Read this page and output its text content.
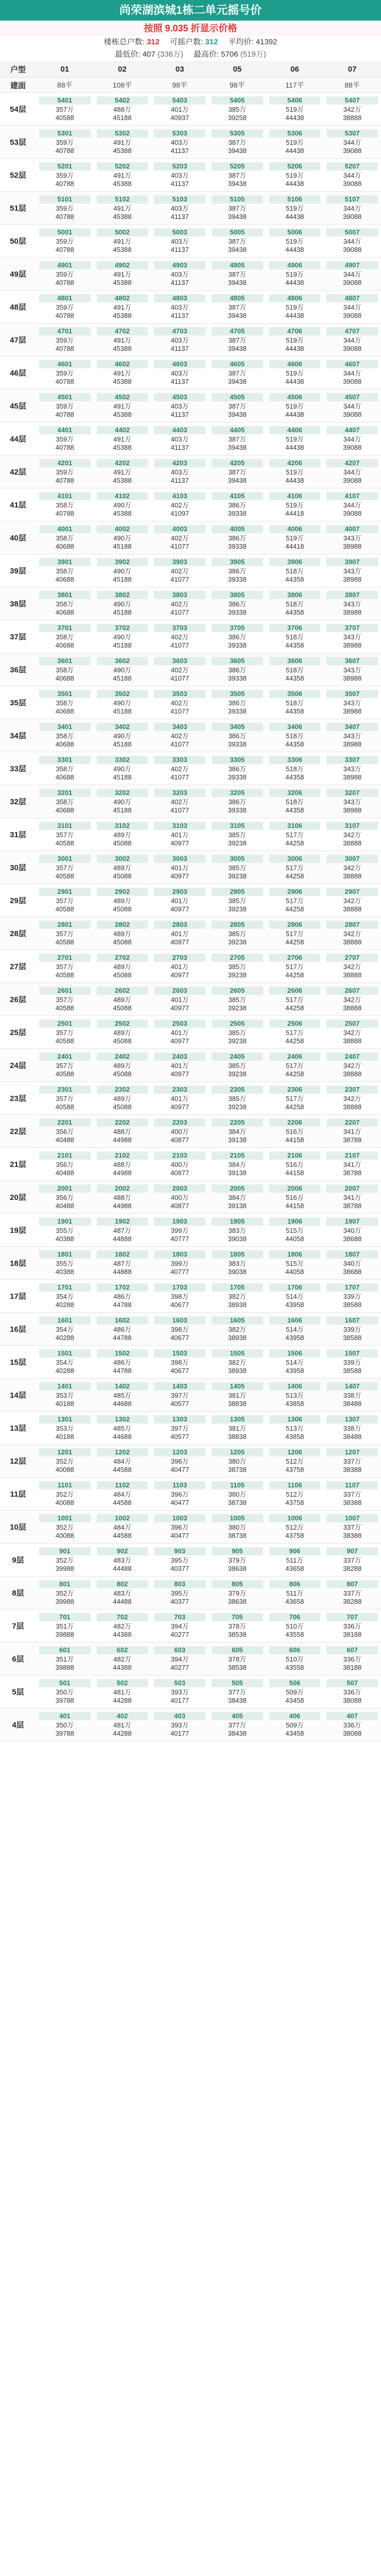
尚荣湖滨城1栋二单元摇号价
按照 9.035 折显示价格
楼栋总户数: 312 可摇户数: 312 平均价: 41392
最低价: 407 (336万) 最高价: 5706 (519万)
户型	01	02	03	05	06	07
建面	88平	108平	98平	98平	117平	88平
54层	5401
357万
40588	5402
488万
45188	5403
401万
40937	5405
385万
39258	5406
519万
44438	5407
342万
38888

53层	5301
359万
40788	5302
491万
45388	5303
403万
41137	5305
387万
39438	5306
519万
44438	5307
344万
39088

52层	5201
359万
40788	5202
491万
45388	5203
403万
41137	5205
387万
39438	5206
519万
44438	5207
344万
39088

51层	5101
359万
40788	5102
491万
45388	5103
403万
41137	5105
387万
39438	5106
519万
44438	5107
344万
39088

50层	5001
359万
40788	5002
491万
45388	5003
403万
41137	5005
387万
39438	5006
519万
44438	5007
344万
39088

49层	4901
359万
40788	4902
491万
45388	4903
403万
41137	4905
387万
39438	4906
519万
44438	4907
344万
39088

48层	4801
359万
40788	4802
491万
45388	4803
403万
41137	4805
387万
39438	4806
519万
44438	4807
344万
39088

47层	4701
359万
40788	4702
491万
45388	4703
403万
41137	4705
387万
39438	4706
519万
44438	4707
344万
39088

46层	4601
359万
40788	4602
491万
45388	4603
403万
41137	4605
387万
39438	4606
519万
44438	4607
344万
39088

45层	4501
359万
40788	4502
491万
45388	4503
403万
41137	4505
387万
39438	4506
519万
44438	4507
344万
39088

44层	4401
359万
40788	4402
491万
45388	4403
403万
41137	4405
387万
39438	4406
519万
44438	4407
344万
39088

42层	4201
359万
40788	4202
491万
45388	4203
403万
41137	4205
387万
39438	4206
519万
44438	4207
344万
39088

41层	4101
358万
40788	4102
490万
45388	4103
402万
41097	4105
386万
39338	4106
519万
44418	4107
344万
39088

40层	4001
358万
40688	4002
490万
45188	4003
402万
41077	4005
386万
39338	4006
519万
44418	4007
343万
38988

39层	3901
358万
40688	3902
490万
45188	3903
402万
41077	3905
386万
39338	3906
518万
44358	3907
343万
38988

38层	3801
358万
40688	3802
490万
45188	3803
402万
41077	3805
386万
39338	3806
518万
44358	3807
343万
38988

37层	3701
358万
40688	3702
490万
45188	3703
402万
41077	3705
386万
39338	3706
518万
44358	3707
343万
38988

36层	3601
358万
40688	3602
490万
45188	3603
402万
41077	3605
386万
39338	3606
518万
44358	3607
343万
38988

35层	3501
358万
40688	3502
490万
45188	3503
402万
41077	3505
386万
39338	3506
518万
44358	3507
343万
38988

34层	3401
358万
40688	3402
490万
45188	3403
402万
41077	3405
386万
39338	3406
518万
44358	3407
343万
38988

33层	3301
358万
40688	3302
490万
45188	3303
402万
41077	3305
386万
39338	3306
518万
44358	3307
343万
38988

32层	3201
358万
40688	3202
490万
45188	3203
402万
41077	3205
386万
39338	3206
518万
44358	3207
343万
38988

31层	3101
357万
40588	3102
489万
45088	3103
401万
40977	3105
385万
39238	3106
517万
44258	3107
342万
38888

30层	3001
357万
40588	3002
489万
45088	3003
401万
40977	3005
385万
39238	3006
517万
44258	3007
342万
38888

29层	2901
357万
40588	2902
489万
45088	2903
401万
40977	2905
385万
39238	2906
517万
44258	2907
342万
38888

28层	2801
357万
40588	2802
489万
45088	2803
401万
40977	2805
385万
39238	2806
517万
44258	2807
342万
38888

27层	2701
357万
40588	2702
489万
45088	2703
401万
40977	2705
385万
39238	2706
517万
44258	2707
342万
38888

26层	2601
357万
40588	2602
489万
45088	2603
401万
40977	2605
385万
39238	2606
517万
44258	2607
342万
38888

25层	2501
357万
40588	2502
489万
45088	2503
401万
40977	2505
385万
39238	2506
517万
44258	2507
342万
38888

24层	2401
357万
40588	2402
489万
45088	2403
401万
40977	2405
385万
39238	2406
517万
44258	2407
342万
38888

23层	2301
357万
40588	2302
489万
45088	2303
401万
40977	2305
385万
39238	2306
517万
44258	2307
342万
38888

22层	2201
356万
40488	2202
488万
44988	2203
400万
40877	2205
384万
39138	2206
516万
44158	2207
341万
38788

21层	2101
356万
40488	2102
488万
44988	2103
400万
40877	2105
384万
39138	2106
516万
44158	2107
341万
38788

20层	2001
356万
40488	2002
488万
44988	2003
400万
40877	2005
384万
39138	2006
516万
44158	2007
341万
38788

19层	1901
355万
40388	1902
487万
44888	1903
399万
40777	1905
383万
39038	1906
515万
44058	1907
340万
38688

18层	1801
355万
40388	1802
487万
44888	1803
399万
40777	1805
383万
39038	1806
515万
44058	1807
340万
38688

17层	1701
354万
40288	1702
486万
44788	1703
398万
40677	1705
382万
38938	1706
514万
43958	1707
339万
38588

16层	1601
354万
40288	1602
486万
44788	1603
398万
40677	1605
382万
38938	1606
514万
43958	1607
339万
38588

15层	1501
354万
40288	1502
486万
44788	1503
398万
40677	1505
382万
38938	1506
514万
43958	1507
339万
38588

14层	1401
353万
40188	1402
485万
44688	1403
397万
40577	1405
381万
38838	1406
513万
43858	1407
338万
38488

13层	1301
353万
40188	1302
485万
44688	1303
397万
40577	1305
381万
38838	1306
513万
43858	1307
338万
38488

12层	1201
352万
40088	1202
484万
44588	1203
396万
40477	1205
380万
38738	1206
512万
43758	1207
337万
38388

11层	1101
352万
40088	1102
484万
44588	1103
396万
40477	1105
380万
38738	1106
512万
43758	1107
337万
38388

10层	1001
352万
40088	1002
484万
44588	1003
396万
40477	1005
380万
38738	1006
512万
43758	1007
337万
38388

9层	901
352万
39988	902
483万
44488	903
395万
40377	905
379万
38638	906
511万
43658	907
337万
38288

8层	801
352万
39988	802
483万
44488	803
395万
40377	805
379万
38638	806
511万
43658	807
337万
38288

7层	701
351万
39888	702
482万
44388	703
394万
40277	705
378万
38538	706
510万
43558	707
336万
38188

6层	601
351万
39888	602
482万
44388	603
394万
40277	605
378万
38538	606
510万
43558	607
336万
38188

5层	501
350万
39788	502
481万
44288	503
393万
40177	505
377万
38438	506
509万
43458	507
336万
38088

4层	401
350万
39788	402
481万
44288	403
393万
40177	405
377万
38438	406
509万
43458	407
336万
38088
